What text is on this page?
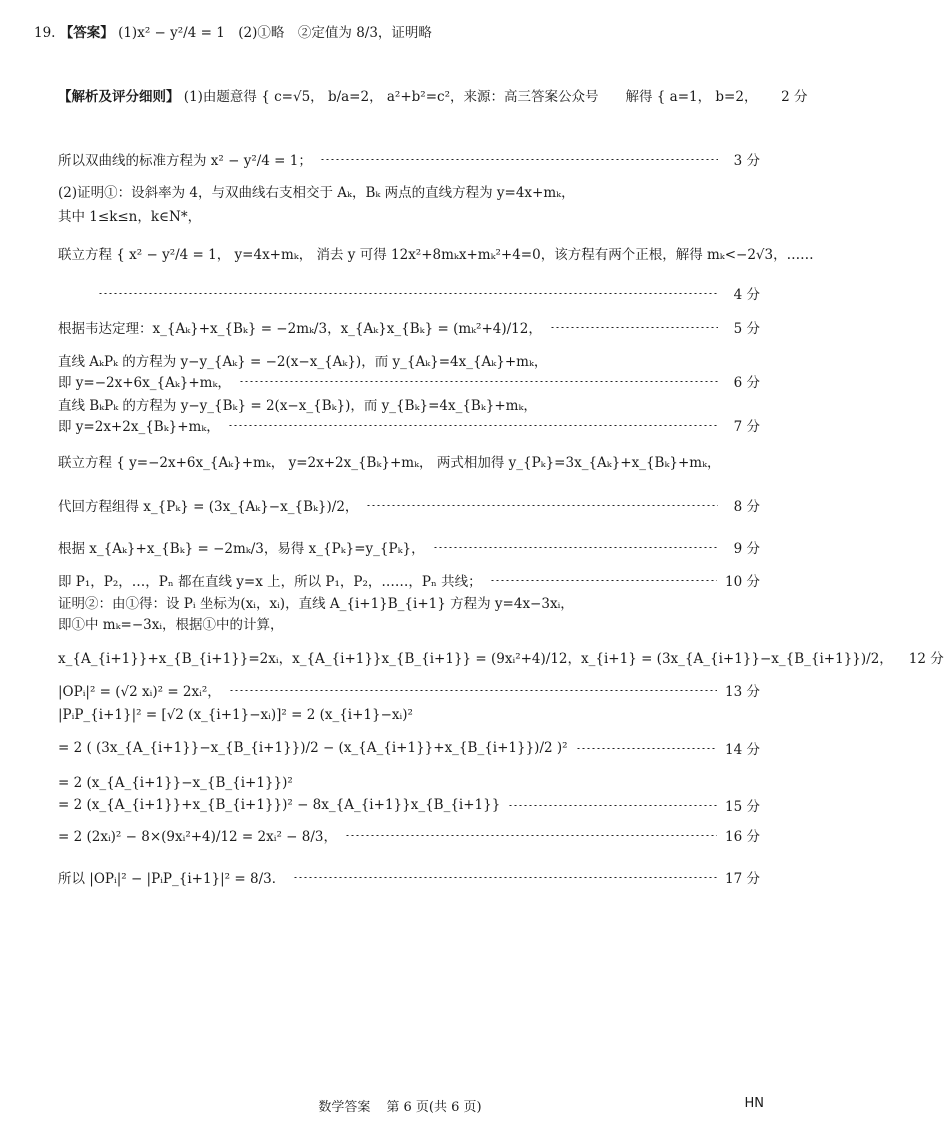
19. 【答案】 (1)x² − y²/4 = 1　(2)①略　②定值为 8/3，证明略
【解析及评分细则】 (1)由题意得 { c=√5， b/a=2， a²+b²=c²，来源：高三答案公众号　　解得 { a=1， b=2，	2 分
所以双曲线的标准方程为 x² − y²/4 = 1；	3 分
(2)证明①：设斜率为 4，与双曲线右支相交于 Aₖ，Bₖ 两点的直线方程为 y=4x+mₖ，
其中 1≤k≤n，k∈N*，
联立方程 { x² − y²/4 = 1， y=4x+mₖ， 消去 y 可得 12x²+8mₖx+mₖ²+4=0，该方程有两个正根，解得 mₖ<−2√3，……
4 分
根据韦达定理：x_{Aₖ}+x_{Bₖ} = −2mₖ/3，x_{Aₖ}x_{Bₖ} = (mₖ²+4)/12，	5 分
直线 AₖPₖ 的方程为 y−y_{Aₖ} = −2(x−x_{Aₖ})，而 y_{Aₖ}=4x_{Aₖ}+mₖ，
即 y=−2x+6x_{Aₖ}+mₖ，	6 分
直线 BₖPₖ 的方程为 y−y_{Bₖ} = 2(x−x_{Bₖ})，而 y_{Bₖ}=4x_{Bₖ}+mₖ，
即 y=2x+2x_{Bₖ}+mₖ，	7 分
联立方程 { y=−2x+6x_{Aₖ}+mₖ， y=2x+2x_{Bₖ}+mₖ， 两式相加得 y_{Pₖ}=3x_{Aₖ}+x_{Bₖ}+mₖ，
代回方程组得 x_{Pₖ} = (3x_{Aₖ}−x_{Bₖ})/2，	8 分
根据 x_{Aₖ}+x_{Bₖ} = −2mₖ/3，易得 x_{Pₖ}=y_{Pₖ}，	9 分
即 P₁，P₂，…，Pₙ 都在直线 y=x 上，所以 P₁，P₂，……，Pₙ 共线；	10 分
证明②：由①得：设 Pᵢ 坐标为(xᵢ，xᵢ)，直线 A_{i+1}B_{i+1} 方程为 y=4x−3xᵢ，
即①中 mₖ=−3xᵢ，根据①中的计算，
x_{A_{i+1}}+x_{B_{i+1}}=2xᵢ，x_{A_{i+1}}x_{B_{i+1}} = (9xᵢ²+4)/12，x_{i+1} = (3x_{A_{i+1}}−x_{B_{i+1}})/2， 12 分
|OPᵢ|² = (√2 xᵢ)² = 2xᵢ²，	13 分
|PᵢP_{i+1}|² = [√2 (x_{i+1}−xᵢ)]² = 2 (x_{i+1}−xᵢ)²
= 2 ( (3x_{A_{i+1}}−x_{B_{i+1}})/2 − (x_{A_{i+1}}+x_{B_{i+1}})/2 )²	14 分
= 2 (x_{A_{i+1}}−x_{B_{i+1}})²
= 2 (x_{A_{i+1}}+x_{B_{i+1}})² − 8x_{A_{i+1}}x_{B_{i+1}}	15 分
= 2 (2xᵢ)² − 8×(9xᵢ²+4)/12 = 2xᵢ² − 8/3，	16 分
所以 |OPᵢ|² − |PᵢP_{i+1}|² = 8/3．	17 分
数学答案 第 6 页(共 6 页)	HN
